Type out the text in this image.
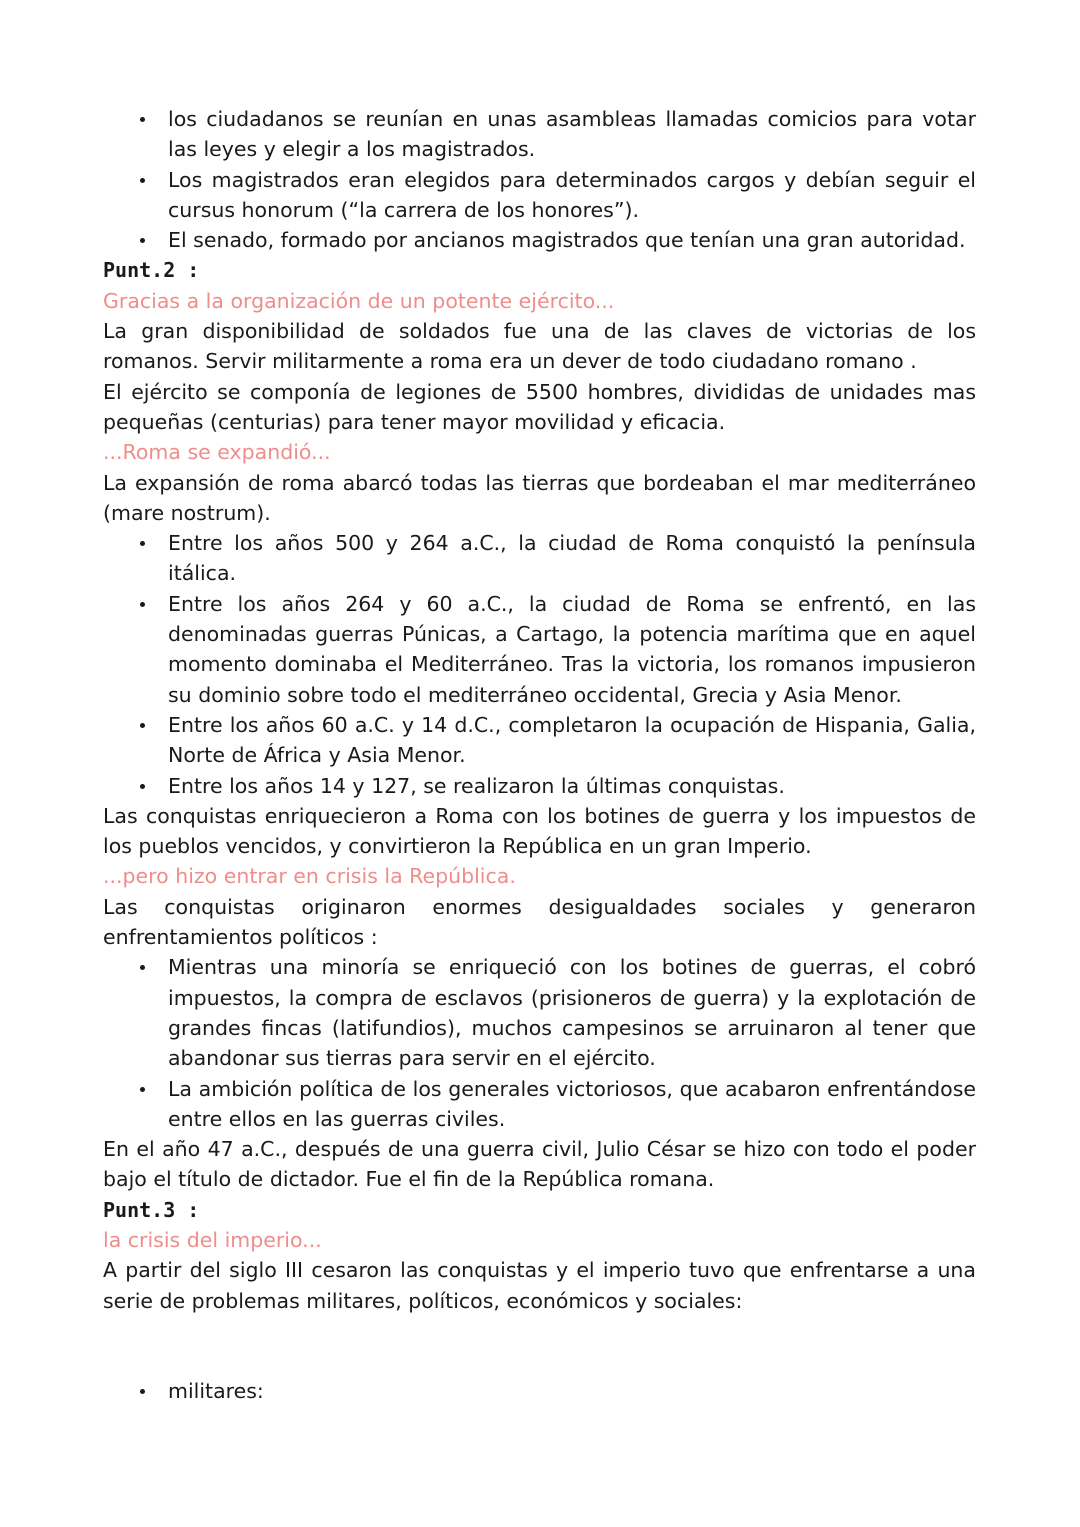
los ciudadanos se reunían en unas asambleas llamadas comicios para votar las leyes y elegir a los magistrados.
Los magistrados eran elegidos para determinados cargos y debían seguir el cursus honorum (“la carrera de los honores”).
El senado, formado por ancianos magistrados que tenían una gran autoridad.

Punt.2 :

Gracias a la organización de un potente ejército...

La gran disponibilidad de soldados fue una de las claves de victorias de los romanos. Servir militarmente a roma era un dever de todo ciudadano romano .

El ejército se componía de legiones de 5500 hombres, divididas de unidades mas pequeñas (centurias) para tener mayor movilidad y eficacia.

...Roma se expandió...

La expansión de roma abarcó todas las tierras que bordeaban el mar mediterráneo (mare nostrum).

Entre los años 500 y 264 a.C., la ciudad de Roma conquistó la península itálica.
Entre los años 264 y 60 a.C., la ciudad de Roma se enfrentó, en las denominadas guerras Púnicas, a Cartago, la potencia marítima que en aquel momento dominaba el Mediterráneo. Tras la victoria, los romanos impusieron su dominio sobre todo el mediterráneo occidental, Grecia y Asia Menor.
Entre los años 60 a.C. y 14 d.C., completaron la ocupación de Hispania, Galia, Norte de África y Asia Menor.
Entre los años 14 y 127, se realizaron la últimas conquistas.

Las conquistas enriquecieron a Roma con los botines de guerra y los impuestos de los pueblos vencidos, y convirtieron la República en un gran Imperio.

...pero hizo entrar en crisis la República.

Las conquistas originaron enormes desigualdades sociales y generaron enfrentamientos políticos :

Mientras una minoría se enriqueció con los botines de guerras, el cobró impuestos, la compra de esclavos (prisioneros de guerra) y la explotación de grandes fincas (latifundios), muchos campesinos se arruinaron al tener que abandonar sus tierras para servir en el ejército.
La ambición política de los generales victoriosos, que acabaron enfrentándose entre ellos en las guerras civiles.

En el año 47 a.C., después de una guerra civil, Julio César se hizo con todo el poder bajo el título de dictador. Fue el fin de la República romana.

Punt.3 :

la crisis del imperio...

A partir del siglo III cesaron las conquistas y el imperio tuvo que enfrentarse a una serie de problemas militares, políticos, económicos y sociales:

militares:
